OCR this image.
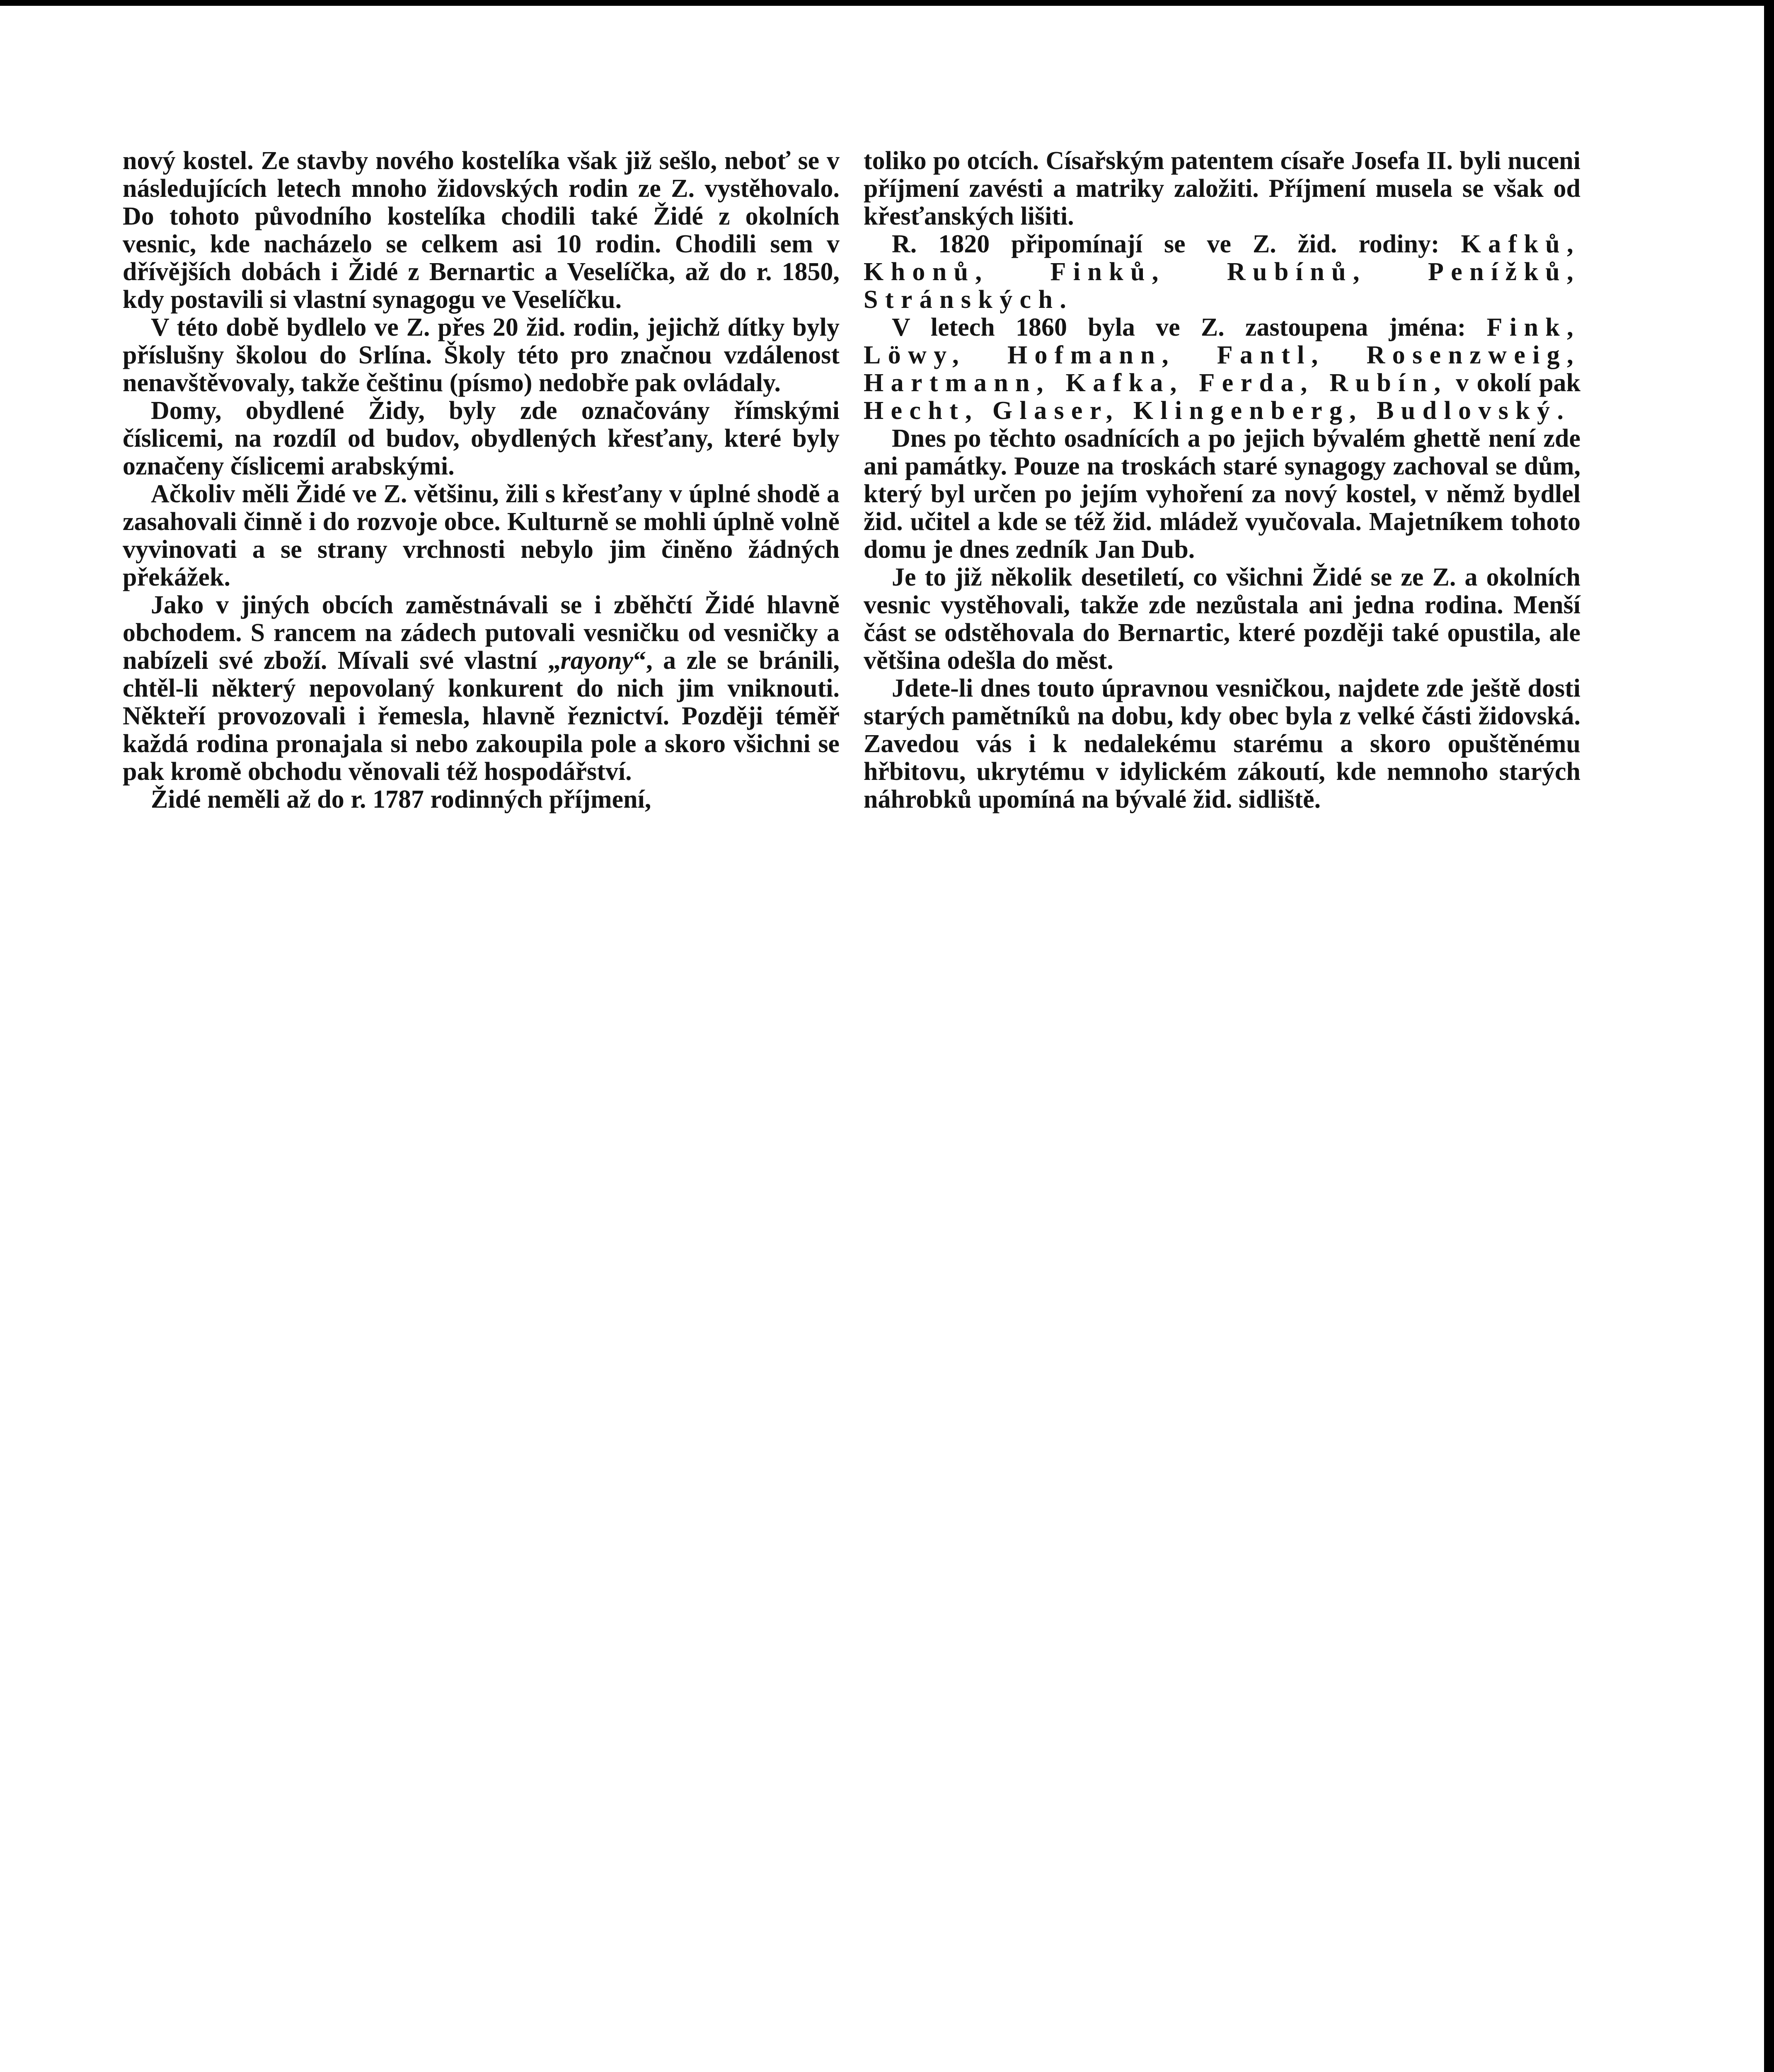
nový kostel. Ze stavby nového kostelíka však již sešlo, neboť se v následujících letech mnoho židovských rodin ze Z. vystěhovalo. Do tohoto původního kostelíka chodili také Židé z okolních vesnic, kde nacházelo se celkem asi 10 rodin. Chodili sem v dřívějších dobách i Židé z Bernartic a Veselíčka, až do r. 1850, kdy postavili si vlastní synagogu ve Veselíčku.

V této době bydlelo ve Z. přes 20 žid. rodin, jejichž dítky byly příslušny školou do Srlína. Školy této pro značnou vzdálenost nenavštěvovaly, takže češtinu (písmo) nedobře pak ovládaly.

Domy, obydlené Židy, byly zde označovány římskými číslicemi, na rozdíl od budov, obydlených křesťany, které byly označeny číslicemi arabskými.

Ačkoliv měli Židé ve Z. většinu, žili s křesťany v úplné shodě a zasahovali činně i do rozvoje obce. Kulturně se mohli úplně volně vyvinovati a se strany vrchnosti nebylo jim činěno žádných překážek.

Jako v jiných obcích zaměstnávali se i zběhčtí Židé hlavně obchodem. S rancem na zádech putovali vesničku od vesničky a nabízeli své zboží. Mívali své vlastní „rayony“, a zle se bránili, chtěl-li některý nepovolaný konkurent do nich jim vniknouti. Někteří provozovali i řemesla, hlavně řeznictví. Později téměř každá rodina pronajala si nebo zakoupila pole a skoro všichni se pak kromě obchodu věnovali též hospodářství.

Židé neměli až do r. 1787 rodinných příjmení,

toliko po otcích. Císařským patentem císaře Josefa II. byli nuceni příjmení zavésti a matriky založiti. Příjmení musela se však od křesťanských lišiti.

R. 1820 připomínají se ve Z. žid. rodiny: Kafků, Khonů, Finků, Rubínů, Penížků, Stránských.

V letech 1860 byla ve Z. zastoupena jména: Fink, Löwy, Hofmann, Fantl, Rosenzweig, Hartmann, Kafka, Ferda, Rubín, v okolí pak Hecht, Glaser, Klingenberg, Budlovský.

Dnes po těchto osadnících a po jejich bývalém ghettě není zde ani památky. Pouze na troskách staré synagogy zachoval se dům, který byl určen po jejím vyhoření za nový kostel, v němž bydlel žid. učitel a kde se též žid. mládež vyučovala. Majetníkem tohoto domu je dnes zedník Jan Dub.

Je to již několik desetiletí, co všichni Židé se ze Z. a okolních vesnic vystěhovali, takže zde nezůstala ani jedna rodina. Menší část se odstěhovala do Bernartic, které později také opustila, ale většina odešla do měst.

Jdete-li dnes touto úpravnou vesničkou, najdete zde ještě dosti starých pamětníků na dobu, kdy obec byla z velké části židovská. Zavedou vás i k nedalekému starému a skoro opuštěnému hřbitovu, ukrytému v idylickém zákoutí, kde nemnoho starých náhrobků upomíná na bývalé žid. sidliště.
